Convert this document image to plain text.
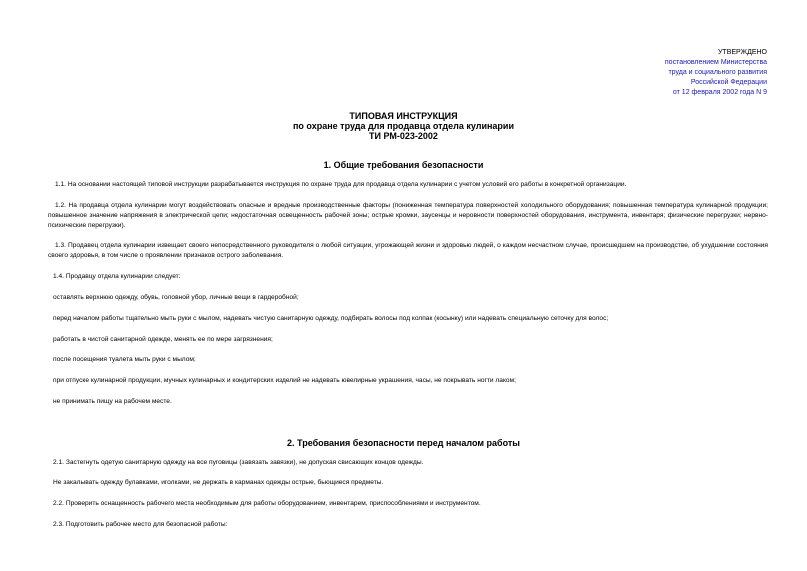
УТВЕРЖДЕНО
постановлением Министерства
труда и социального развития
Российской Федерации
от 12 февраля 2002 года N 9
ТИПОВАЯ ИНСТРУКЦИЯ
по охране труда для продавца отдела кулинарии
ТИ РМ-023-2002
1. Общие требования безопасности

1.1. На основании настоящей типовой инструкции разрабатывается инструкция по охране труда для продавца отдела кулинарии с учетом условий его работы в конкретной организации.

1.2. На продавца отдела кулинарии могут воздействовать опасные и вредные производственные факторы (пониженная температура поверхностей холодильного оборудования; повышенная температура кулинарной продукции; повышенное значение напряжения в электрической цепи; недостаточная освещенность рабочей зоны; острые кромки, заусенцы и неровности поверхностей оборудования, инструмента, инвентаря; физические перегрузки; нервно-психические перегрузки).

1.3. Продавец отдела кулинарии извещает своего непосредственного руководителя о любой ситуации, угрожающей жизни и здоровью людей, о каждом несчастном случае, происшедшем на производстве, об ухудшении состояния своего здоровья, в том числе о проявлении признаков острого заболевания.

1.4. Продавцу отдела кулинарии следует:

оставлять верхнюю одежду, обувь, головной убор, личные вещи в гардеробной;

перед началом работы тщательно мыть руки с мылом, надевать чистую санитарную одежду, подбирать волосы под колпак (косынку) или надевать специальную сеточку для волос;

работать в чистой санитарной одежде, менять ее по мере загрязнения;

после посещения туалета мыть руки с мылом;

при отпуске кулинарной продукции, мучных кулинарных и кондитерских изделий не надевать ювелирные украшения, часы, не покрывать ногти лаком;

не принимать пищу на рабочем месте.

2. Требования безопасности перед началом работы

2.1. Застегнуть одетую санитарную одежду на все пуговицы (завязать завязки), не допуская свисающих концов одежды.

Не закалывать одежду булавками, иголками, не держать в карманах одежды острые, бьющиеся предметы.

2.2. Проверить оснащенность рабочего места необходимым для работы оборудованием, инвентарем, приспособлениями и инструментом.

2.3. Подготовить рабочее место для безопасной работы:
